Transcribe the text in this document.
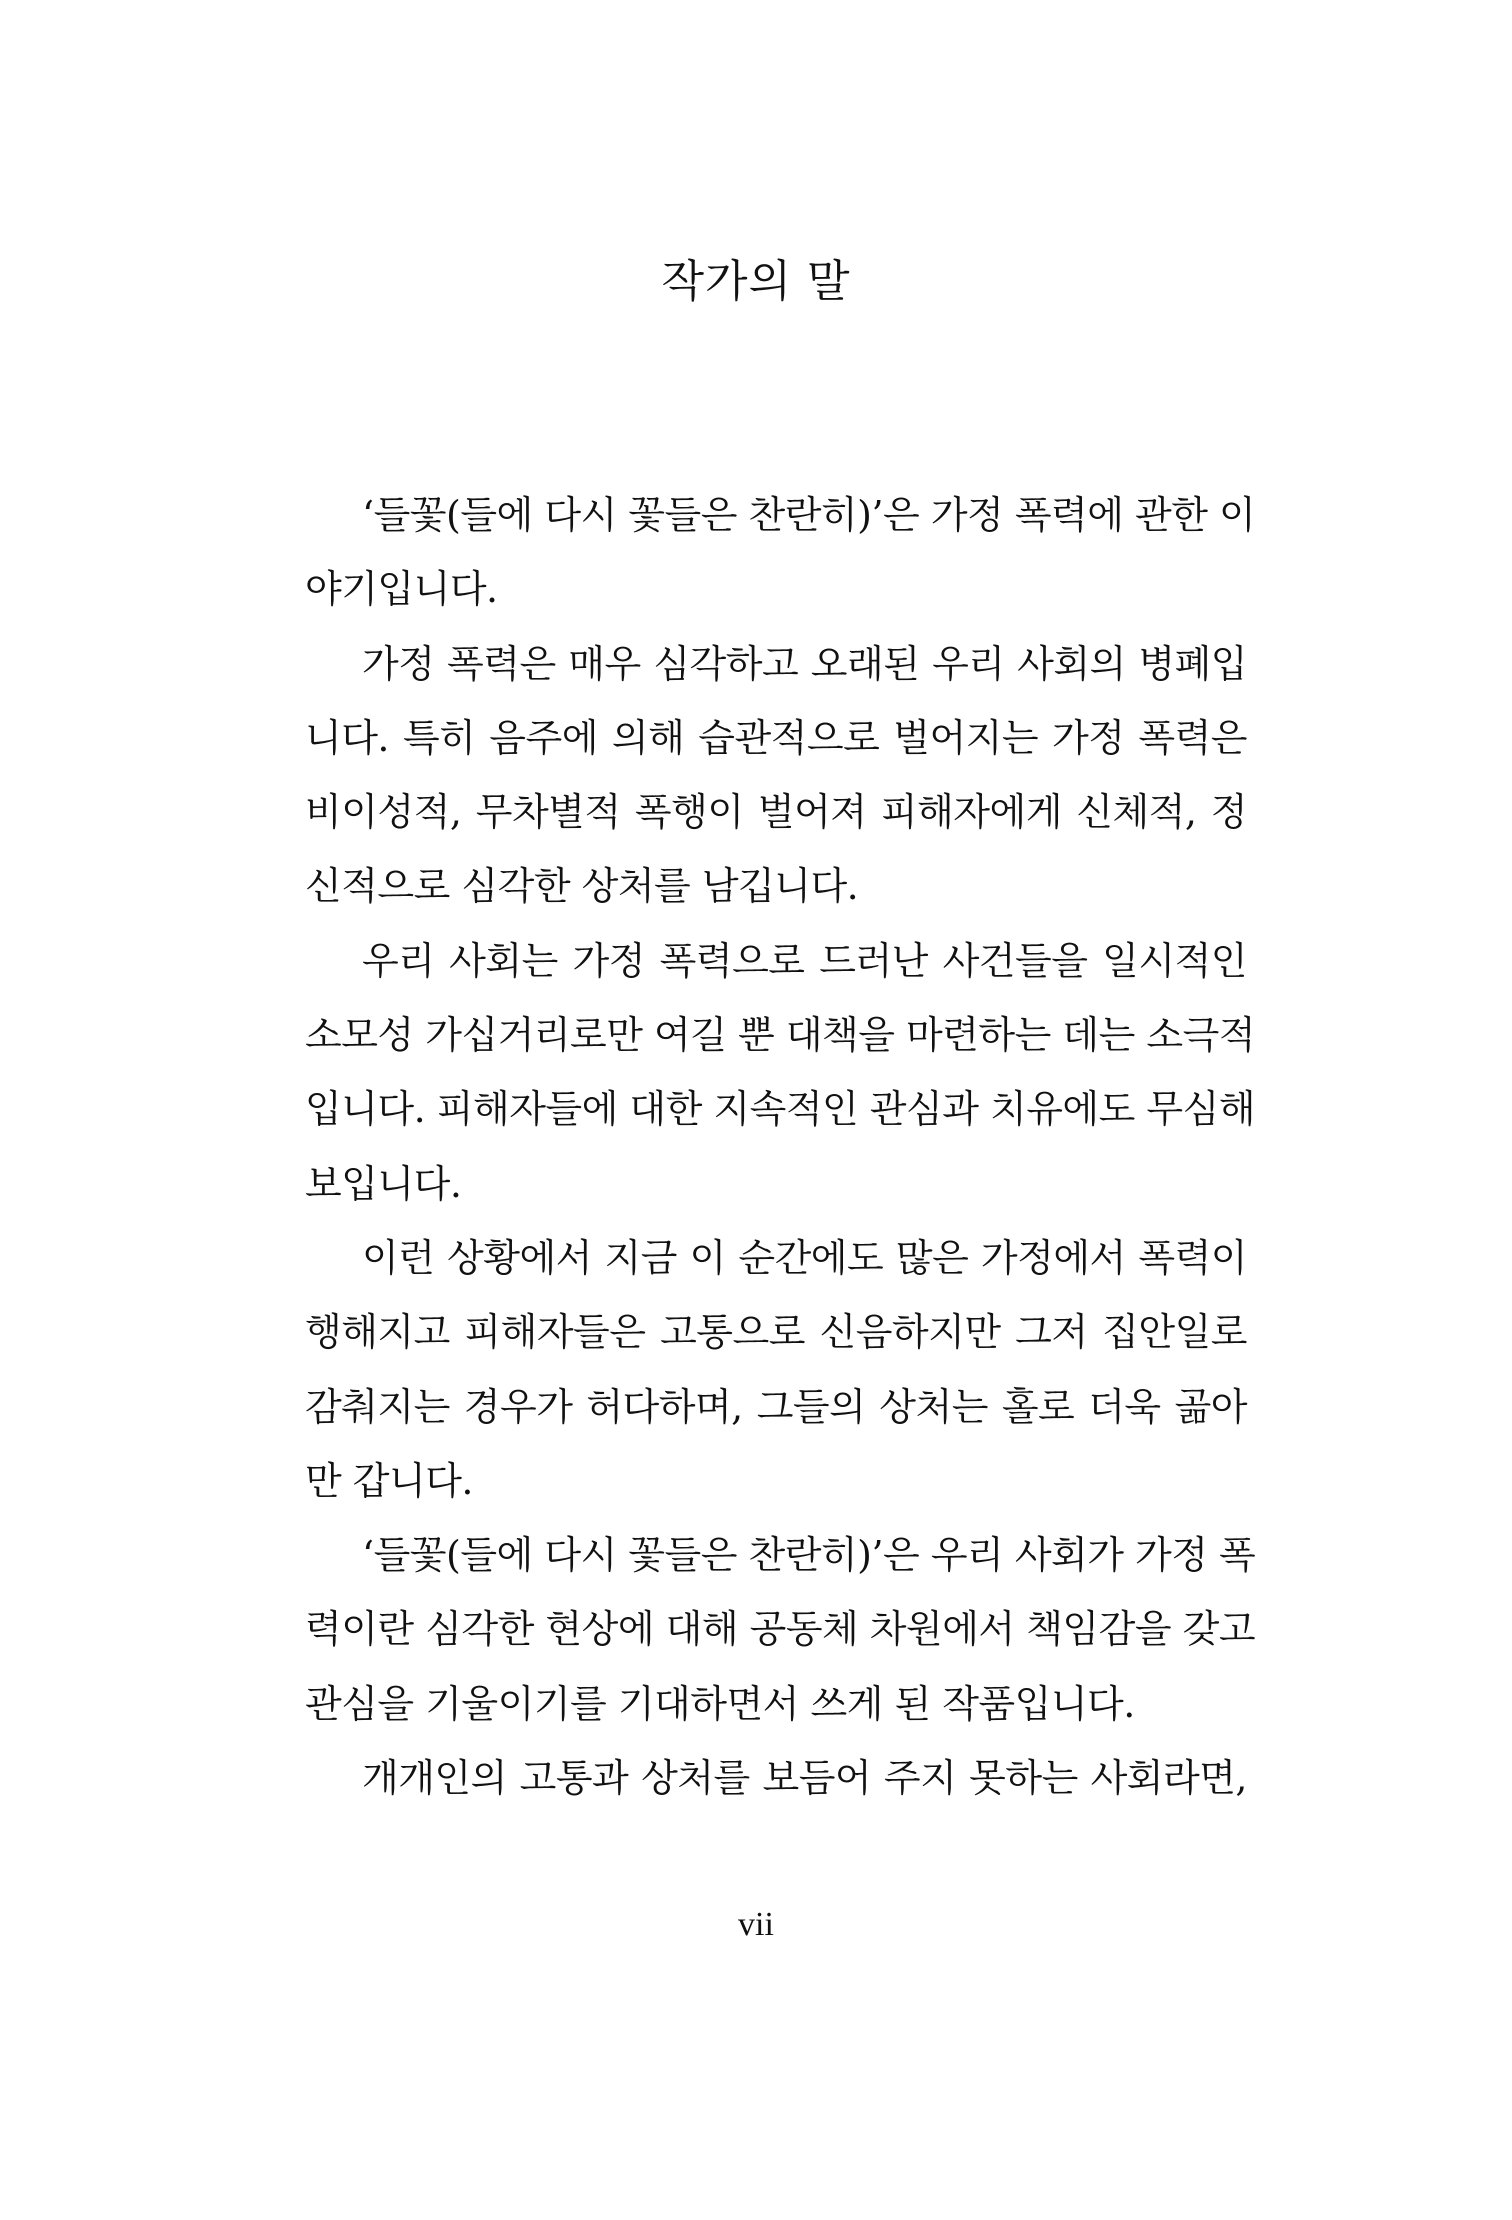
작가의 말
‘들꽃(들에 다시 꽃들은 찬란히)’은 가정 폭력에 관한 이
야기입니다.
가정 폭력은 매우 심각하고 오래된 우리 사회의 병폐입
니다. 특히 음주에 의해 습관적으로 벌어지는 가정 폭력은
비이성적, 무차별적 폭행이 벌어져 피해자에게 신체적, 정
신적으로 심각한 상처를 남깁니다.
우리 사회는 가정 폭력으로 드러난 사건들을 일시적인
소모성 가십거리로만 여길 뿐 대책을 마련하는 데는 소극적
입니다. 피해자들에 대한 지속적인 관심과 치유에도 무심해
보입니다.
이런 상황에서 지금 이 순간에도 많은 가정에서 폭력이
행해지고 피해자들은 고통으로 신음하지만 그저 집안일로
감춰지는 경우가 허다하며, 그들의 상처는 홀로 더욱 곪아
만 갑니다.
‘들꽃(들에 다시 꽃들은 찬란히)’은 우리 사회가 가정 폭
력이란 심각한 현상에 대해 공동체 차원에서 책임감을 갖고
관심을 기울이기를 기대하면서 쓰게 된 작품입니다.
개개인의 고통과 상처를 보듬어 주지 못하는 사회라면,
vii
